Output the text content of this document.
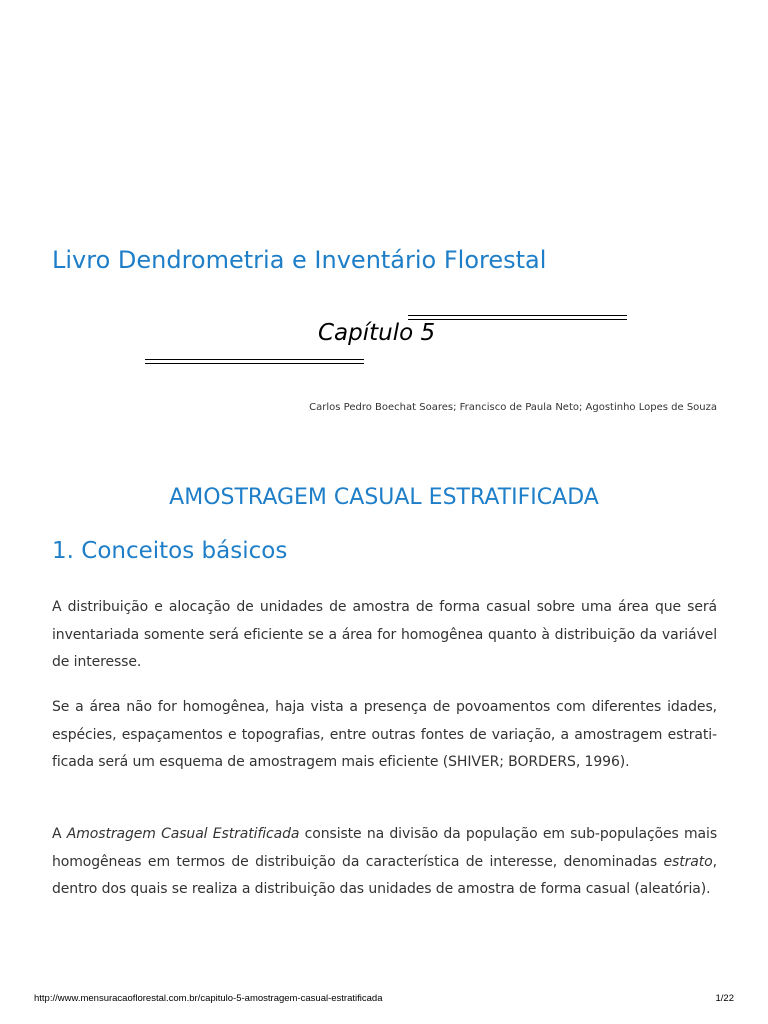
Livro Dendrometria e Inventário Florestal
Capítulo 5
Carlos Pedro Boechat Soares; Francisco de Paula Neto; Agostinho Lopes de Souza
AMOSTRAGEM CASUAL ESTRATIFICADA
1. Conceitos básicos

A distribuição e alocação de unidades de amostra de forma casual sobre uma área que será inventariada somente será eficiente se a área for homogênea quanto à distribuição da variável de interesse.

Se a área não for homogênea, haja vista a presença de povoamentos com diferentes idades, espécies, espaçamentos e topografias, entre outras fontes de variação, a amostragem estrati-ficada será um esquema de amostragem mais eficiente (SHIVER; BORDERS, 1996).

A Amostragem Casual Estratificada consiste na divisão da população em sub-populações mais homogêneas em termos de distribuição da característica de interesse, denominadas estrato, dentro dos quais se realiza a distribuição das unidades de amostra de forma casual (aleatória).

http://www.mensuracaoflorestal.com.br/capitulo-5-amostragem-casual-estratificada	1/22
